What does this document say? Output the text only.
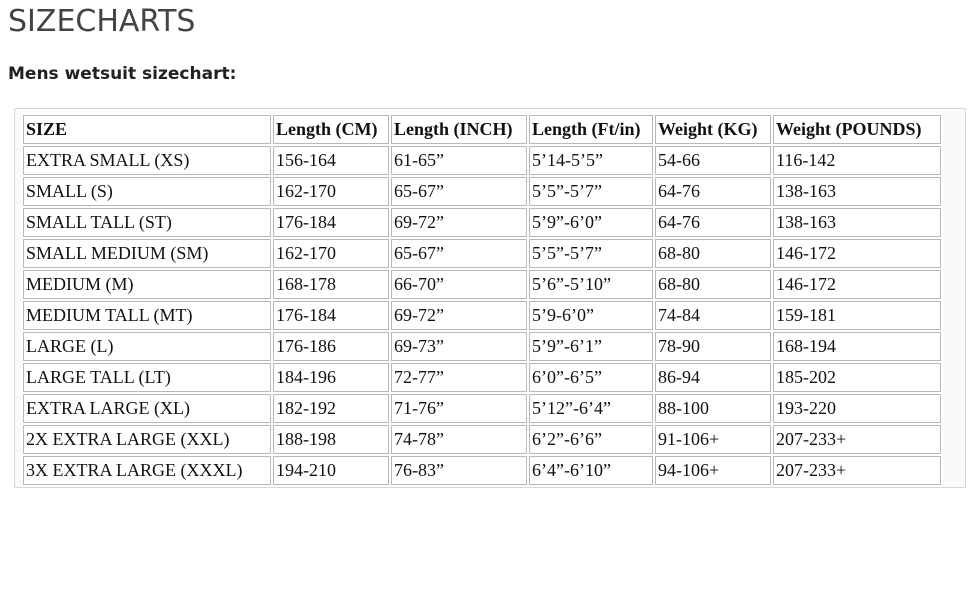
SIZECHARTS
Mens wetsuit sizechart:
SIZE	Length (CM)	Length (INCH)	Length (Ft/in)	Weight (KG)	Weight (POUNDS)
EXTRA SMALL (XS)	156-164	61-65”	5’14-5’5”	54-66	116-142
SMALL (S)	162-170	65-67”	5’5”-5’7”	64-76	138-163
SMALL TALL (ST)	176-184	69-72”	5’9”-6’0”	64-76	138-163
SMALL MEDIUM (SM)	162-170	65-67”	5’5”-5’7”	68-80	146-172
MEDIUM (M)	168-178	66-70”	5’6”-5’10”	68-80	146-172
MEDIUM TALL (MT)	176-184	69-72”	5’9-6’0”	74-84	159-181
LARGE (L)	176-186	69-73”	5’9”-6’1”	78-90	168-194
LARGE TALL (LT)	184-196	72-77”	6’0”-6’5”	86-94	185-202
EXTRA LARGE (XL)	182-192	71-76”	5’12”-6’4”	88-100	193-220
2X EXTRA LARGE (XXL)	188-198	74-78”	6’2”-6’6”	91-106+	207-233+
3X EXTRA LARGE (XXXL)	194-210	76-83”	6’4”-6’10”	94-106+	207-233+
